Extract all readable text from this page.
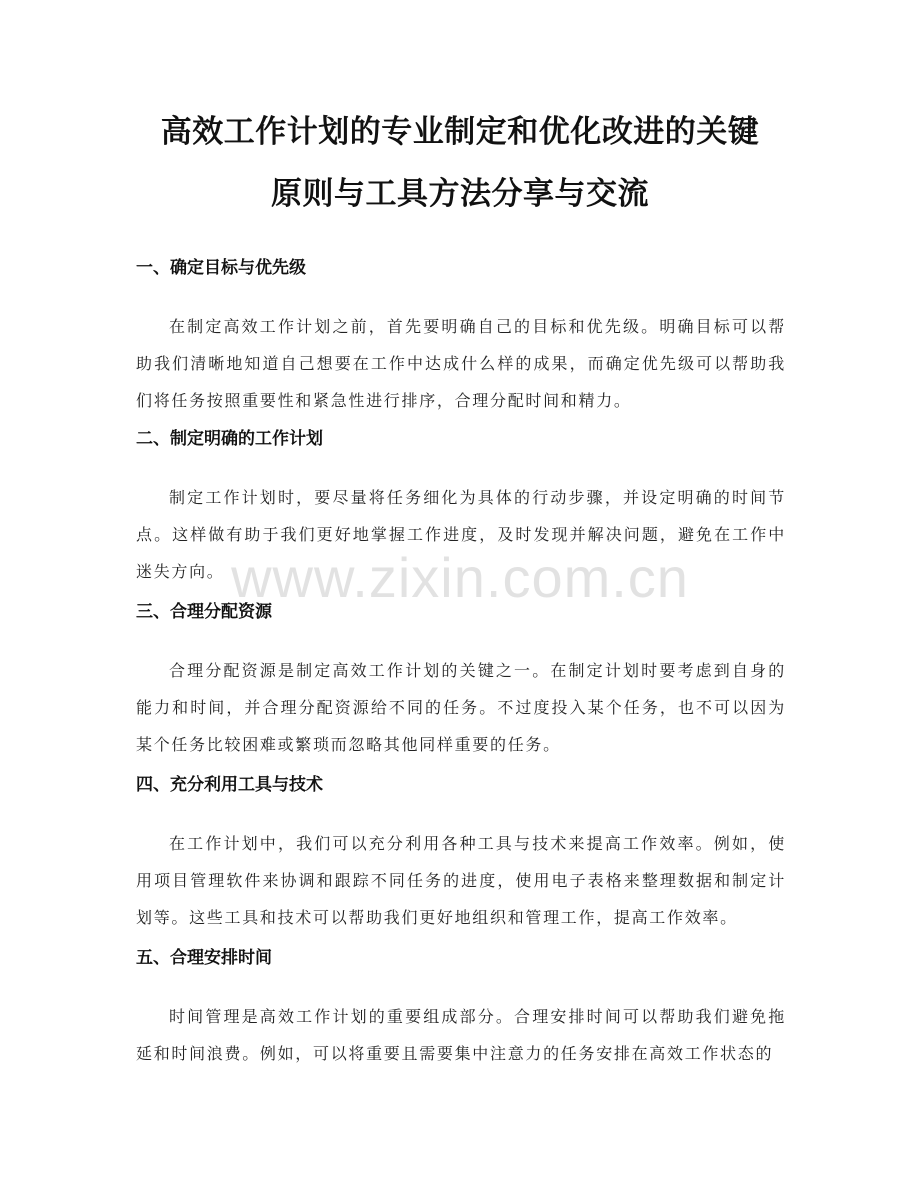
高效工作计划的专业制定和优化改进的关键
原则与工具方法分享与交流
一、确定目标与优先级

在制定高效工作计划之前，首先要明确自己的目标和优先级。明确目标可以帮助我们清晰地知道自己想要在工作中达成什么样的成果，而确定优先级可以帮助我们将任务按照重要性和紧急性进行排序，合理分配时间和精力。

二、制定明确的工作计划

制定工作计划时，要尽量将任务细化为具体的行动步骤，并设定明确的时间节点。这样做有助于我们更好地掌握工作进度，及时发现并解决问题，避免在工作中迷失方向。

三、合理分配资源

合理分配资源是制定高效工作计划的关键之一。在制定计划时要考虑到自身的能力和时间，并合理分配资源给不同的任务。不过度投入某个任务，也不可以因为某个任务比较困难或繁琐而忽略其他同样重要的任务。

四、充分利用工具与技术

在工作计划中，我们可以充分利用各种工具与技术来提高工作效率。例如，使用项目管理软件来协调和跟踪不同任务的进度，使用电子表格来整理数据和制定计划等。这些工具和技术可以帮助我们更好地组织和管理工作，提高工作效率。

五、合理安排时间

时间管理是高效工作计划的重要组成部分。合理安排时间可以帮助我们避免拖延和时间浪费。例如，可以将重要且需要集中注意力的任务安排在高效工作状态的

www.zixin.com.cn
